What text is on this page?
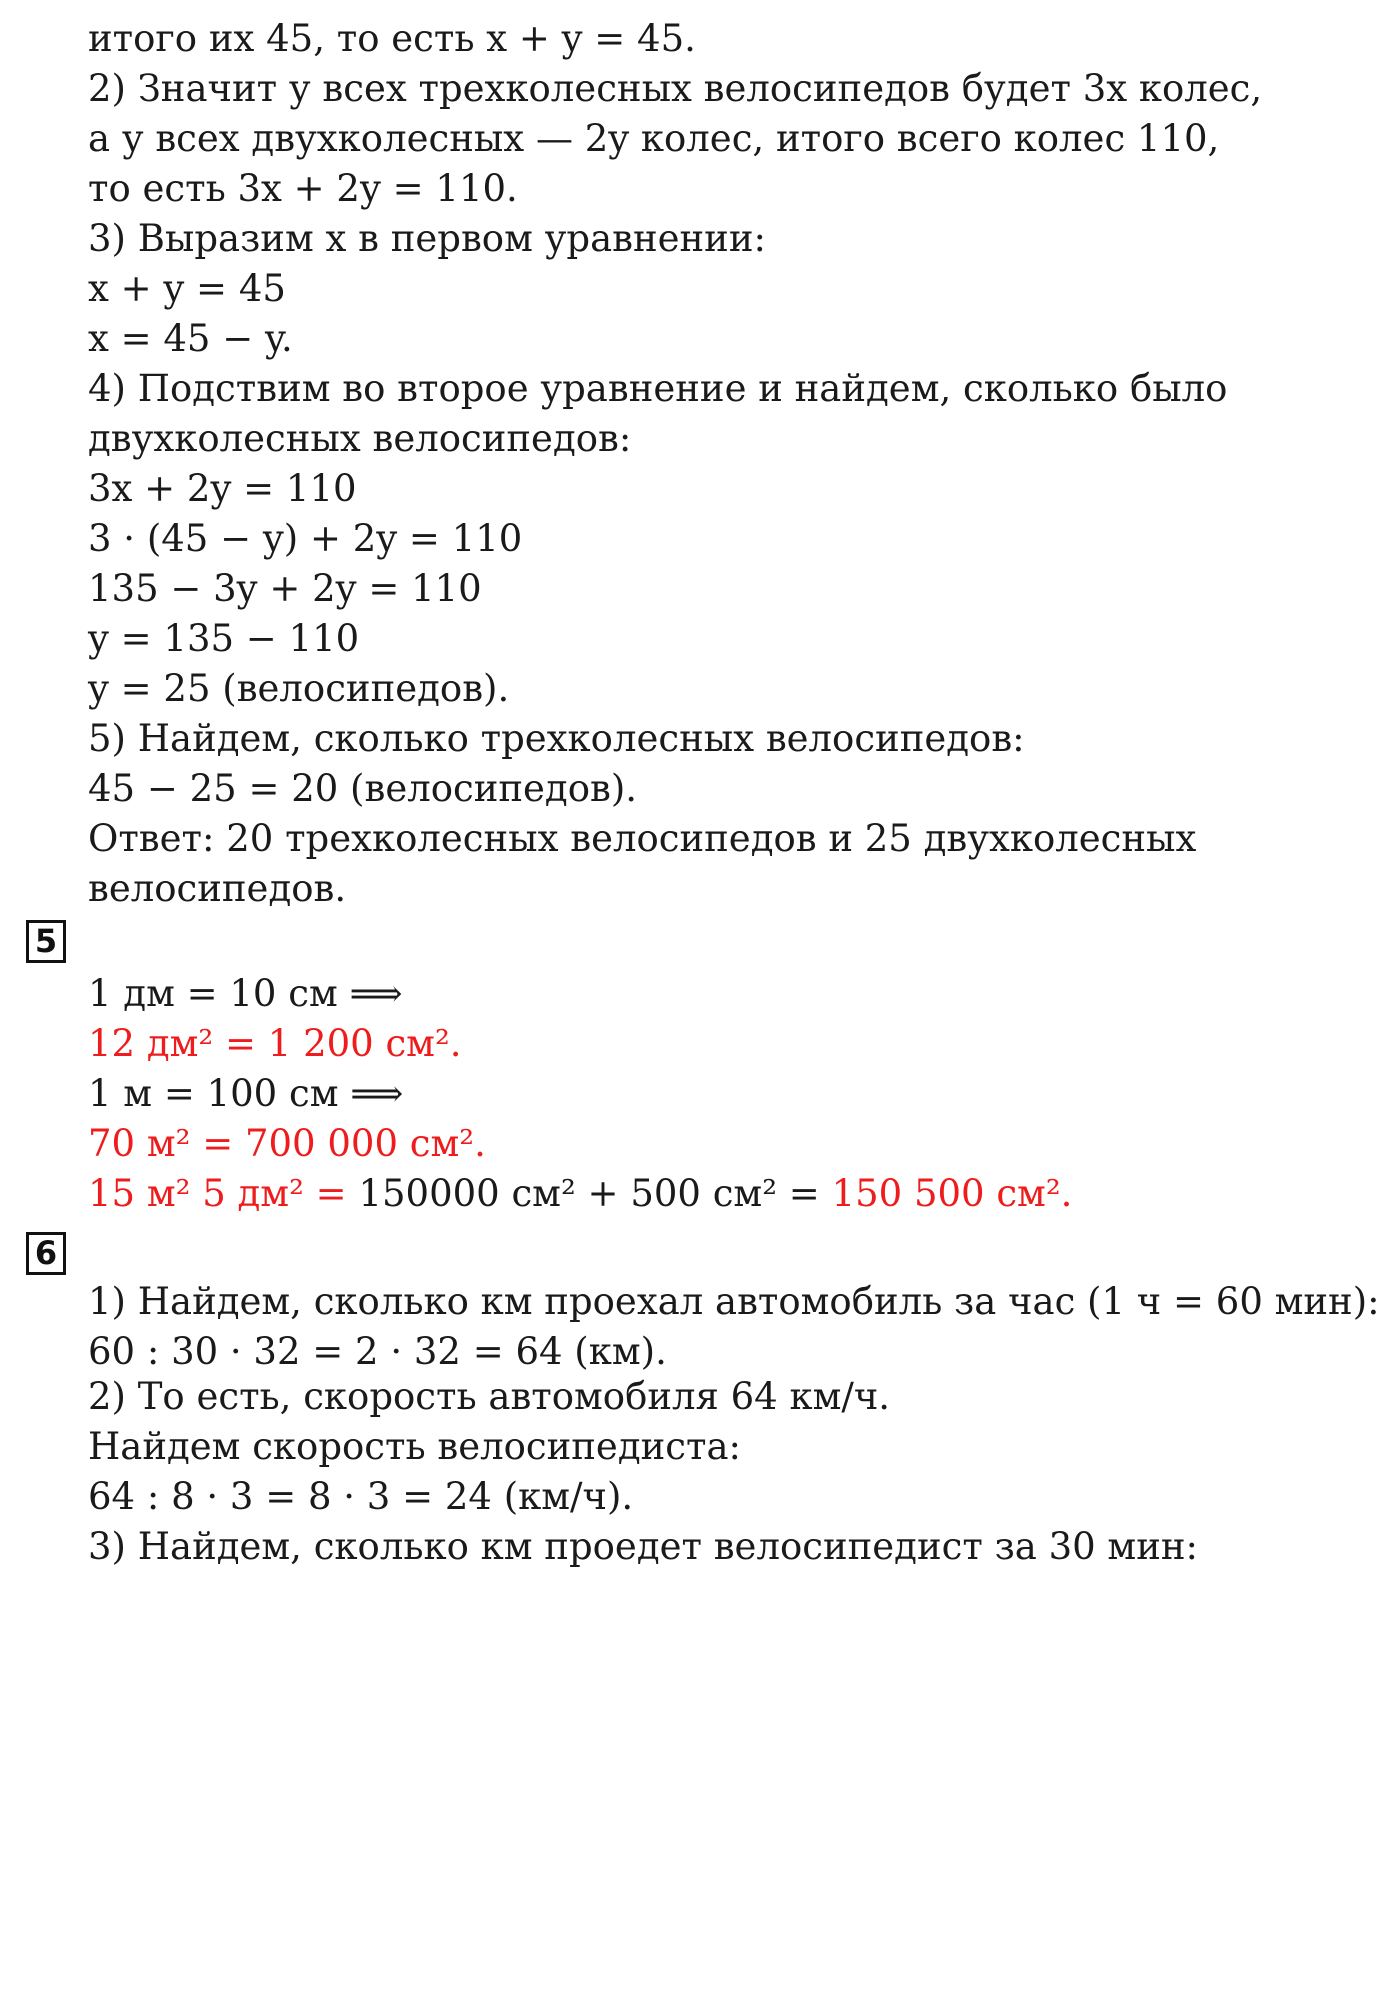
итого их 45, то есть x + y = 45.
2) Значит у всех трехколесных велосипедов будет 3x колес,
а у всех двухколесных — 2y колес, итого всего колес 110,
то есть 3x + 2y = 110.
3) Выразим x в первом уравнении:
x + y = 45
x = 45 − y.
4) Подствим во второе уравнение и найдем, сколько было
двухколесных велосипедов:
3x + 2y = 110
3 · (45 − y) + 2y = 110
135 − 3y + 2y = 110
y = 135 − 110
y = 25 (велосипедов).
5) Найдем, сколько трехколесных велосипедов:
45 − 25 = 20 (велосипедов).
Ответ: 20 трехколесных велосипедов и 25 двухколесных
велосипедов.
5
1 дм = 10 см ⟹
12 дм² = 1 200 см².
1 м = 100 см ⟹
70 м² = 700 000 см².
15 м² 5 дм² = 150000 см² + 500 см² = 150 500 см².
6
1) Найдем, сколько км проехал автомобиль за час (1 ч = 60 мин):
60 : 30 · 32 = 2 · 32 = 64 (км).
2) То есть, скорость автомобиля 64 км/ч.
Найдем скорость велосипедиста:
64 : 8 · 3 = 8 · 3 = 24 (км/ч).
3) Найдем, сколько км проедет велосипедист за 30 мин:
